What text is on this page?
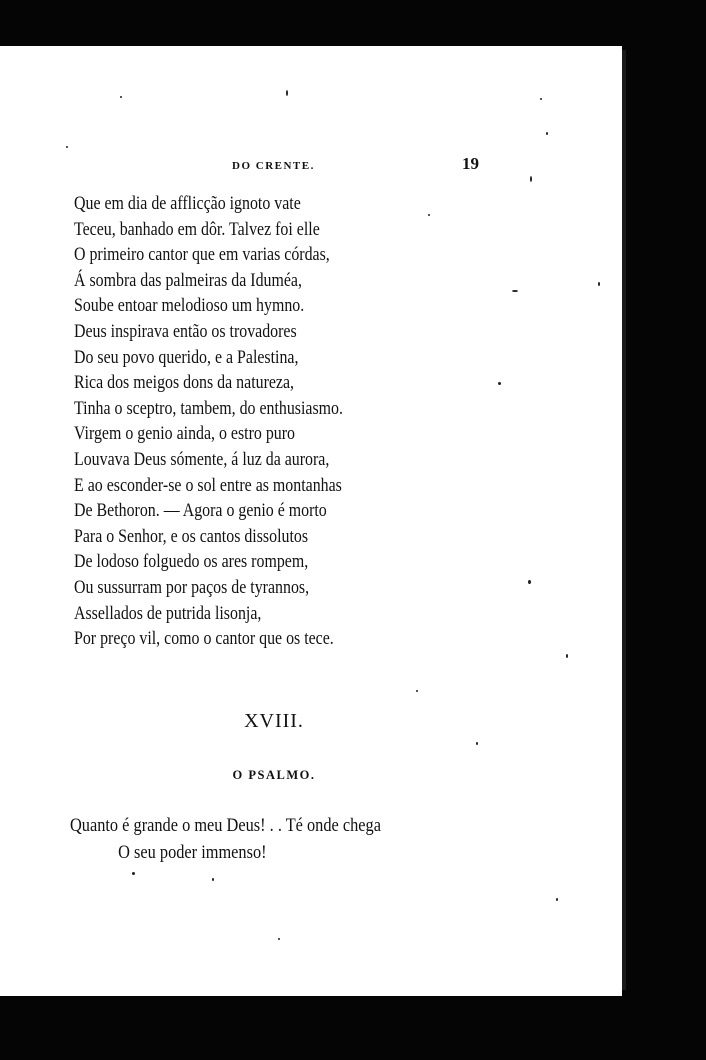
DO CRENTE.	19
Que em dia de afflicção ignoto vate
Teceu, banhado em dôr. Talvez foi elle
O primeiro cantor que em varias córdas,
Á sombra das palmeiras da Iduméa,
Soube entoar melodioso um hymno.
Deus inspirava então os trovadores
Do seu povo querido, e a Palestina,
Rica dos meigos dons da natureza,
Tinha o sceptro, tambem, do enthusiasmo.
Virgem o genio ainda, o estro puro
Louvava Deus sómente, á luz da aurora,
E ao esconder-se o sol entre as montanhas
De Bethoron. — Agora o genio é morto
Para o Senhor, e os cantos dissolutos
De lodoso folguedo os ares rompem,
Ou sussurram por paços de tyrannos,
Assellados de putrida lisonja,
Por preço vil, como o cantor que os tece.
XVIII.
O PSALMO.
Quanto é grande o meu Deus! . . Té onde chega
O seu poder immenso!
